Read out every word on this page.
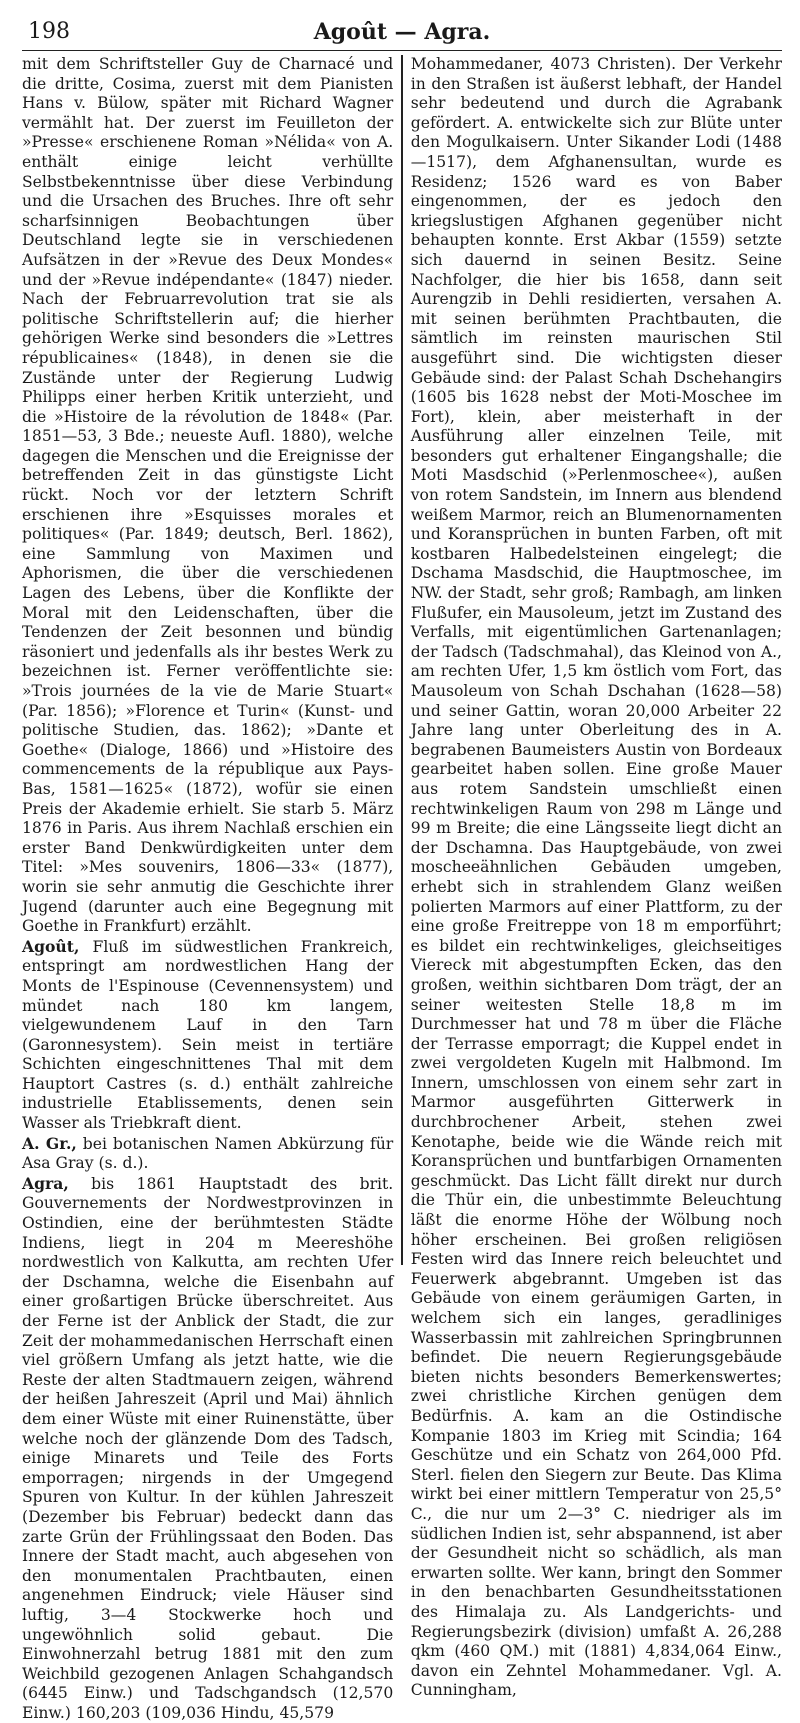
198	Agoût — Agra.

mit dem Schriftsteller Guy de Charnacé und die dritte, Cosima, zuerst mit dem Pianisten Hans v. Bülow, später mit Richard Wagner vermählt hat. Der zuerst im Feuilleton der »Presse« erschienene Roman »Nélida« von A. enthält einige leicht verhüllte Selbstbekenntnisse über diese Verbindung und die Ursachen des Bruches. Ihre oft sehr scharfsinnigen Beobachtungen über Deutschland legte sie in verschiedenen Aufsätzen in der »Revue des Deux Mondes« und der »Revue indépendante« (1847) nieder. Nach der Februarrevolution trat sie als politische Schriftstellerin auf; die hierher gehörigen Werke sind besonders die »Lettres républicaines« (1848), in denen sie die Zustände unter der Regierung Ludwig Philipps einer herben Kritik unterzieht, und die »Histoire de la révolution de 1848« (Par. 1851—53, 3 Bde.; neueste Aufl. 1880), welche dagegen die Menschen und die Ereignisse der betreffenden Zeit in das günstigste Licht rückt. Noch vor der letztern Schrift erschienen ihre »Esquisses morales et politiques« (Par. 1849; deutsch, Berl. 1862), eine Sammlung von Maximen und Aphorismen, die über die verschiedenen Lagen des Lebens, über die Konflikte der Moral mit den Leidenschaften, über die Tendenzen der Zeit besonnen und bündig räsoniert und jedenfalls als ihr bestes Werk zu bezeichnen ist. Ferner veröffentlichte sie: »Trois journées de la vie de Marie Stuart« (Par. 1856); »Florence et Turin« (Kunst- und politische Studien, das. 1862); »Dante et Goethe« (Dialoge, 1866) und »Histoire des commencements de la république aux Pays-Bas, 1581—1625« (1872), wofür sie einen Preis der Akademie erhielt. Sie starb 5. März 1876 in Paris. Aus ihrem Nachlaß erschien ein erster Band Denkwürdigkeiten unter dem Titel: »Mes souvenirs, 1806—33« (1877), worin sie sehr anmutig die Geschichte ihrer Jugend (darunter auch eine Begegnung mit Goethe in Frankfurt) erzählt.

Agoût, Fluß im südwestlichen Frankreich, entspringt am nordwestlichen Hang der Monts de l'Espinouse (Cevennensystem) und mündet nach 180 km langem, vielgewundenem Lauf in den Tarn (Garonnesystem). Sein meist in tertiäre Schichten eingeschnittenes Thal mit dem Hauptort Castres (s. d.) enthält zahlreiche industrielle Etablissements, denen sein Wasser als Triebkraft dient.

A. Gr., bei botanischen Namen Abkürzung für Asa Gray (s. d.).

Agra, bis 1861 Hauptstadt des brit. Gouvernements der Nordwestprovinzen in Ostindien, eine der berühmtesten Städte Indiens, liegt in 204 m Meereshöhe nordwestlich von Kalkutta, am rechten Ufer der Dschamna, welche die Eisenbahn auf einer großartigen Brücke überschreitet. Aus der Ferne ist der Anblick der Stadt, die zur Zeit der mohammedanischen Herrschaft einen viel größern Umfang als jetzt hatte, wie die Reste der alten Stadtmauern zeigen, während der heißen Jahreszeit (April und Mai) ähnlich dem einer Wüste mit einer Ruinenstätte, über welche noch der glänzende Dom des Tadsch, einige Minarets und Teile des Forts emporragen; nirgends in der Umgegend Spuren von Kultur. In der kühlen Jahreszeit (Dezember bis Februar) bedeckt dann das zarte Grün der Frühlingssaat den Boden. Das Innere der Stadt macht, auch abgesehen von den monumentalen Prachtbauten, einen angenehmen Eindruck; viele Häuser sind luftig, 3—4 Stockwerke hoch und ungewöhnlich solid gebaut. Die Einwohnerzahl betrug 1881 mit den zum Weichbild gezogenen Anlagen Schahgandsch (6445 Einw.) und Tadschgandsch (12,570 Einw.) 160,203 (109,036 Hindu, 45,579

Mohammedaner, 4073 Christen). Der Verkehr in den Straßen ist äußerst lebhaft, der Handel sehr bedeutend und durch die Agrabank gefördert. A. entwickelte sich zur Blüte unter den Mogulkaisern. Unter Sikander Lodi (1488—1517), dem Afghanensultan, wurde es Residenz; 1526 ward es von Baber eingenommen, der es jedoch den kriegslustigen Afghanen gegenüber nicht behaupten konnte. Erst Akbar (1559) setzte sich dauernd in seinen Besitz. Seine Nachfolger, die hier bis 1658, dann seit Aurengzib in Dehli residierten, versahen A. mit seinen berühmten Prachtbauten, die sämtlich im reinsten maurischen Stil ausgeführt sind. Die wichtigsten dieser Gebäude sind: der Palast Schah Dschehangirs (1605 bis 1628 nebst der Moti-Moschee im Fort), klein, aber meisterhaft in der Ausführung aller einzelnen Teile, mit besonders gut erhaltener Eingangshalle; die Moti Masdschid (»Perlenmoschee«), außen von rotem Sandstein, im Innern aus blendend weißem Marmor, reich an Blumenornamenten und Koransprüchen in bunten Farben, oft mit kostbaren Halbedelsteinen eingelegt; die Dschama Masdschid, die Hauptmoschee, im NW. der Stadt, sehr groß; Rambagh, am linken Flußufer, ein Mausoleum, jetzt im Zustand des Verfalls, mit eigentümlichen Gartenanlagen; der Tadsch (Tadschmahal), das Kleinod von A., am rechten Ufer, 1,5 km östlich vom Fort, das Mausoleum von Schah Dschahan (1628—58) und seiner Gattin, woran 20,000 Arbeiter 22 Jahre lang unter Oberleitung des in A. begrabenen Baumeisters Austin von Bordeaux gearbeitet haben sollen. Eine große Mauer aus rotem Sandstein umschließt einen rechtwinkeligen Raum von 298 m Länge und 99 m Breite; die eine Längsseite liegt dicht an der Dschamna. Das Hauptgebäude, von zwei moscheeähnlichen Gebäuden umgeben, erhebt sich in strahlendem Glanz weißen polierten Marmors auf einer Plattform, zu der eine große Freitreppe von 18 m emporführt; es bildet ein rechtwinkeliges, gleichseitiges Viereck mit abgestumpften Ecken, das den großen, weithin sichtbaren Dom trägt, der an seiner weitesten Stelle 18,8 m im Durchmesser hat und 78 m über die Fläche der Terrasse emporragt; die Kuppel endet in zwei vergoldeten Kugeln mit Halbmond. Im Innern, umschlossen von einem sehr zart in Marmor ausgeführten Gitterwerk in durchbrochener Arbeit, stehen zwei Kenotaphe, beide wie die Wände reich mit Koransprüchen und buntfarbigen Ornamenten geschmückt. Das Licht fällt direkt nur durch die Thür ein, die unbestimmte Beleuchtung läßt die enorme Höhe der Wölbung noch höher erscheinen. Bei großen religiösen Festen wird das Innere reich beleuchtet und Feuerwerk abgebrannt. Umgeben ist das Gebäude von einem geräumigen Garten, in welchem sich ein langes, geradliniges Wasserbassin mit zahlreichen Springbrunnen befindet. Die neuern Regierungsgebäude bieten nichts besonders Bemerkenswertes; zwei christliche Kirchen genügen dem Bedürfnis. A. kam an die Ostindische Kompanie 1803 im Krieg mit Scindia; 164 Geschütze und ein Schatz von 264,000 Pfd. Sterl. fielen den Siegern zur Beute. Das Klima wirkt bei einer mittlern Temperatur von 25,5° C., die nur um 2—3° C. niedriger als im südlichen Indien ist, sehr abspannend, ist aber der Gesundheit nicht so schädlich, als man erwarten sollte. Wer kann, bringt den Sommer in den benachbarten Gesundheitsstationen des Himalaja zu. Als Landgerichts- und Regierungsbezirk (division) umfaßt A. 26,288 qkm (460 QM.) mit (1881) 4,834,064 Einw., davon ein Zehntel Mohammedaner. Vgl. A. Cunningham,
